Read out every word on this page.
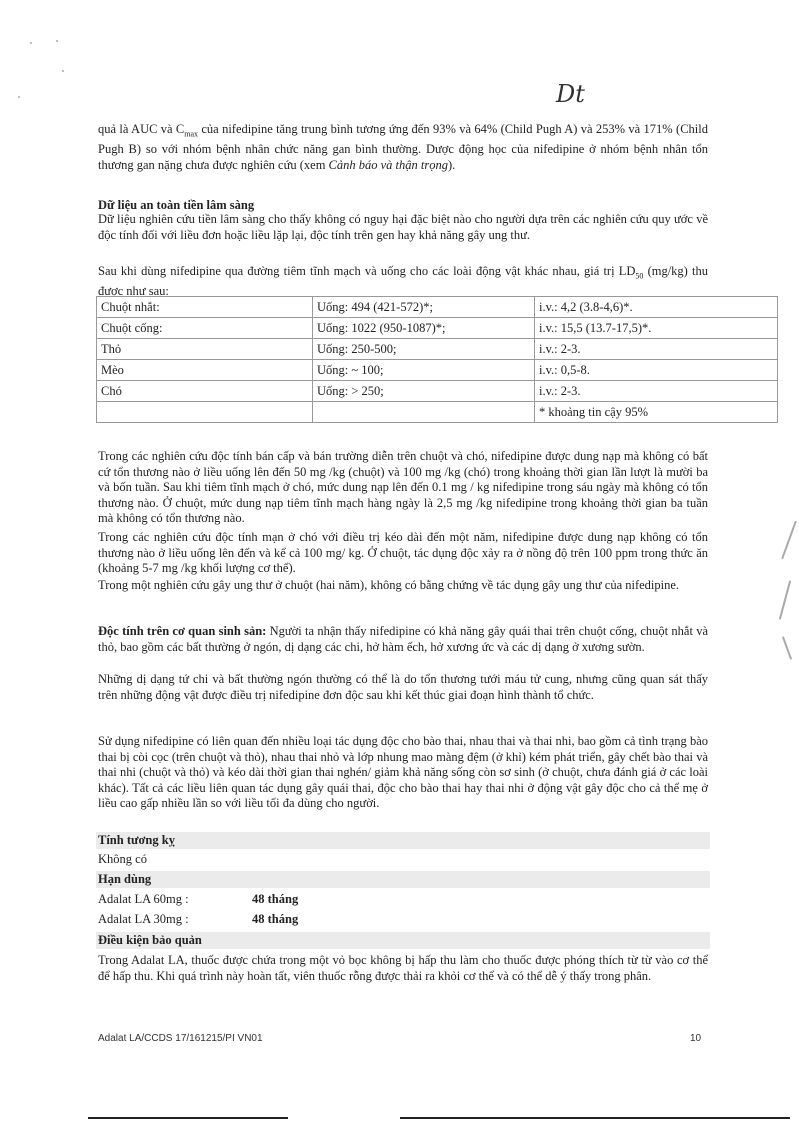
Dt
quả là AUC và $C_{max}$ của nifedipine tăng trung bình tương ứng đến 93% và 64% (Child Pugh A) và 253% và 171% (Child Pugh B) so với nhóm bệnh nhân chức năng gan bình thường. Dược động học của nifedipine ở nhóm bệnh nhân tổn thương gan nặng chưa được nghiên cứu (xem Cảnh báo và thận trọng).
Dữ liệu an toàn tiền lâm sàng
Dữ liệu nghiên cứu tiền lâm sàng cho thấy không có nguy hại đặc biệt nào cho người dựa trên các nghiên cứu quy ước về độc tính đối với liều đơn hoặc liều lặp lại, độc tính trên gen hay khả năng gây ung thư.
Sau khi dùng nifedipine qua đường tiêm tĩnh mạch và uống cho các loài động vật khác nhau, giá trị $LD_{50}$ (mg/kg) thu được như sau:
Chuột nhắt:	Uống: 494 (421-572)*;	i.v.: 4,2 (3.8-4,6)*.
Chuột cống:	Uống: 1022 (950-1087)*;	i.v.: 15,5 (13.7-17,5)*.
Thỏ	Uống: 250-500;	i.v.: 2-3.
Mèo	Uống: ~ 100;	i.v.: 0,5-8.
Chó	Uống: > 250;	i.v.: 2-3.
		* khoảng tin cậy 95%
Trong các nghiên cứu độc tính bán cấp và bán trường diễn trên chuột và chó, nifedipine được dung nạp mà không có bất cứ tổn thương nào ở liều uống lên đến 50 mg /kg (chuột) và 100 mg /kg (chó) trong khoảng thời gian lần lượt là mười ba và bốn tuần. Sau khi tiêm tĩnh mạch ở chó, mức dung nạp lên đến 0.1 mg / kg nifedipine trong sáu ngày mà không có tổn thương nào. Ở chuột, mức dung nạp tiêm tĩnh mạch hàng ngày là 2,5 mg /kg nifedipine trong khoảng thời gian ba tuần mà không có tổn thương nào.
Trong các nghiên cứu độc tính mạn ở chó với điều trị kéo dài đến một năm, nifedipine được dung nạp không có tổn thương nào ở liều uống lên đến và kể cả 100 mg/ kg. Ở chuột, tác dụng độc xảy ra ở nồng độ trên 100 ppm trong thức ăn (khoảng 5-7 mg /kg khối lượng cơ thể).
Trong một nghiên cứu gây ung thư ở chuột (hai năm), không có bằng chứng về tác dụng gây ung thư của nifedipine.
Độc tính trên cơ quan sinh sản: Người ta nhận thấy nifedipine có khả năng gây quái thai trên chuột cống, chuột nhắt và thỏ, bao gồm các bất thường ở ngón, dị dạng các chi, hở hàm ếch, hở xương ức và các dị dạng ở xương sườn.
Những dị dạng tứ chi và bất thường ngón thường có thể là do tổn thương tưới máu tử cung, nhưng cũng quan sát thấy trên những động vật được điều trị nifedipine đơn độc sau khi kết thúc giai đoạn hình thành tổ chức.
Sử dụng nifedipine có liên quan đến nhiều loại tác dụng độc cho bào thai, nhau thai và thai nhi, bao gồm cả tình trạng bào thai bị còi cọc (trên chuột và thỏ), nhau thai nhỏ và lớp nhung mao màng đệm (ở khỉ) kém phát triển, gây chết bào thai và thai nhi (chuột và thỏ) và kéo dài thời gian thai nghén/ giảm khả năng sống còn sơ sinh (ở chuột, chưa đánh giá ở các loài khác). Tất cả các liều liên quan tác dụng gây quái thai, độc cho bào thai hay thai nhi ở động vật gây độc cho cả thể mẹ ở liều cao gấp nhiều lần so với liều tối đa dùng cho người.
Tính tương kỵ
Không có
Hạn dùng
Adalat LA 60mg :	48 tháng
Adalat LA 30mg :	48 tháng
Điều kiện bảo quản
Trong Adalat LA, thuốc được chứa trong một vỏ bọc không bị hấp thu làm cho thuốc được phóng thích từ từ vào cơ thể để hấp thu. Khi quá trình này hoàn tất, viên thuốc rỗng được thải ra khỏi cơ thể và có thể dễ ý thấy trong phân.
Adalat LA/CCDS 17/161215/PI VN01	10
